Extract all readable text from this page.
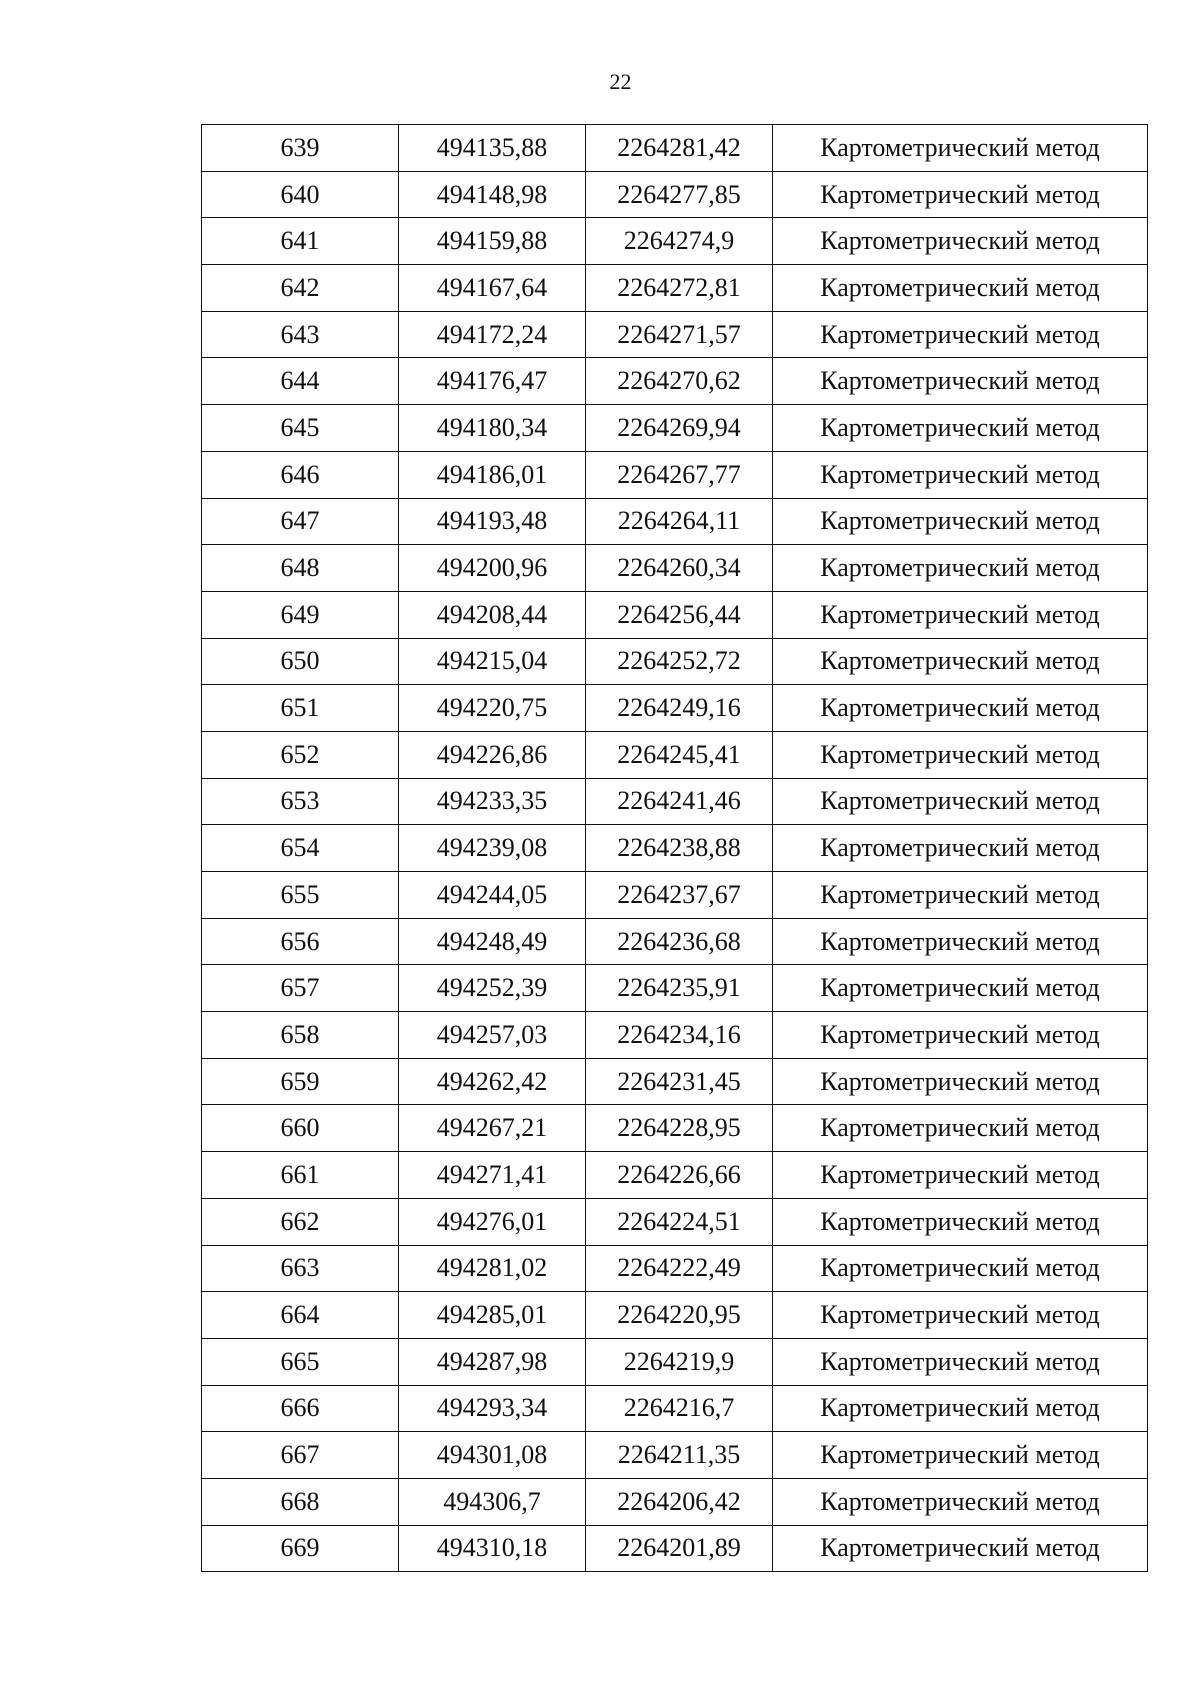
22
639	494135,88	2264281,42	Картометрический метод
640	494148,98	2264277,85	Картометрический метод
641	494159,88	2264274,9	Картометрический метод
642	494167,64	2264272,81	Картометрический метод
643	494172,24	2264271,57	Картометрический метод
644	494176,47	2264270,62	Картометрический метод
645	494180,34	2264269,94	Картометрический метод
646	494186,01	2264267,77	Картометрический метод
647	494193,48	2264264,11	Картометрический метод
648	494200,96	2264260,34	Картометрический метод
649	494208,44	2264256,44	Картометрический метод
650	494215,04	2264252,72	Картометрический метод
651	494220,75	2264249,16	Картометрический метод
652	494226,86	2264245,41	Картометрический метод
653	494233,35	2264241,46	Картометрический метод
654	494239,08	2264238,88	Картометрический метод
655	494244,05	2264237,67	Картометрический метод
656	494248,49	2264236,68	Картометрический метод
657	494252,39	2264235,91	Картометрический метод
658	494257,03	2264234,16	Картометрический метод
659	494262,42	2264231,45	Картометрический метод
660	494267,21	2264228,95	Картометрический метод
661	494271,41	2264226,66	Картометрический метод
662	494276,01	2264224,51	Картометрический метод
663	494281,02	2264222,49	Картометрический метод
664	494285,01	2264220,95	Картометрический метод
665	494287,98	2264219,9	Картометрический метод
666	494293,34	2264216,7	Картометрический метод
667	494301,08	2264211,35	Картометрический метод
668	494306,7	2264206,42	Картометрический метод
669	494310,18	2264201,89	Картометрический метод
